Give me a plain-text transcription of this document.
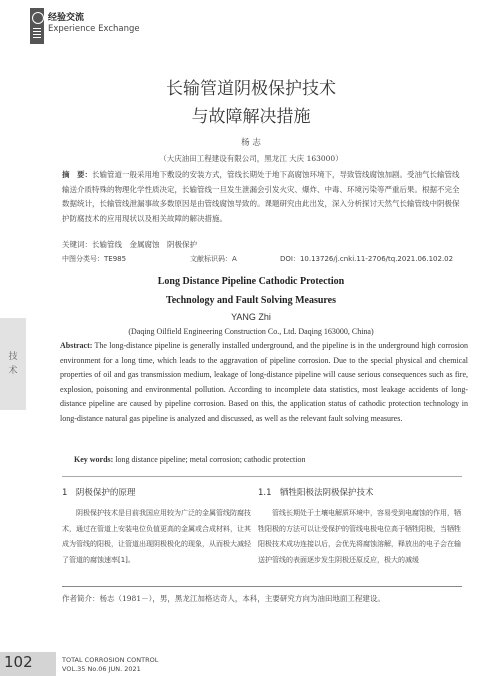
经验交流
Experience Exchange
技
术
长输管道阴极保护技术
与故障解决措施
杨 志
（大庆油田工程建设有限公司，黑龙江 大庆 163000）
摘　要：长输管道一般采用地下敷设的安装方式，管线长期处于地下高腐蚀环境下，导致管线腐蚀加剧。受油气长输管线输送介质特殊的物理化学性质决定，长输管线一旦发生泄漏会引发火灾、爆炸、中毒、环境污染等严重后果。根据不完全数据统计，长输管线泄漏事故多数原因是由管线腐蚀导致的。课题研究由此出发，深入分析探讨天然气长输管线中阴极保护防腐技术的应用现状以及相关故障的解决措施。
关键词：长输管线　金属腐蚀　阴极保护
中图分类号：TE985	文献标识码：A	DOI：10.13726/j.cnki.11-2706/tq.2021.06.102.02
Long Distance Pipeline Cathodic Protection
Technology and Fault Solving Measures
YANG Zhi
(Daqing Oilfield Engineering Construction Co., Ltd. Daqing 163000, China)
Abstract: The long-distance pipeline is generally installed underground, and the pipeline is in the underground high corrosion environment for a long time, which leads to the aggravation of pipeline corrosion. Due to the special physical and chemical properties of oil and gas transmission medium, leakage of long-distance pipeline will cause serious consequences such as fire, explosion, poisoning and environmental pollution. According to incomplete data statistics, most leakage accidents of long-distance pipeline are caused by pipeline corrosion. Based on this, the application status of cathodic protection technology in long-distance natural gas pipeline is analyzed and discussed, as well as the relevant fault solving measures.
Key words: long distance pipeline; metal corrosion; cathodic protection
1　阴极保护的原理
阴极保护技术是目前我国应用较为广泛的金属管线防腐技术，通过在管道上安装电位负值更高的金属或合成材料，让其成为管线的阳极，让管道出现阴极极化的现象，从而极大减轻了管道的腐蚀速率[1]。
1.1　牺牲阳极法阴极保护技术
管线长期处于土壤电解质环境中，容易受到电腐蚀的作用，牺牲阳极的方法可以让受保护的管线电极电位高于牺牲阳极，当牺牲阳极技术成功连接以后，会优先将腐蚀溶解，释放出的电子会在输送护管线的表面逐步发生阴极还原反应，极大的减缓
作者简介：杨志（1981－），男，黑龙江加格达奇人，本科，主要研究方向为油田地面工程建设。
102	TOTAL CORROSION CONTROL
VOL.35 No.06 JUN. 2021
